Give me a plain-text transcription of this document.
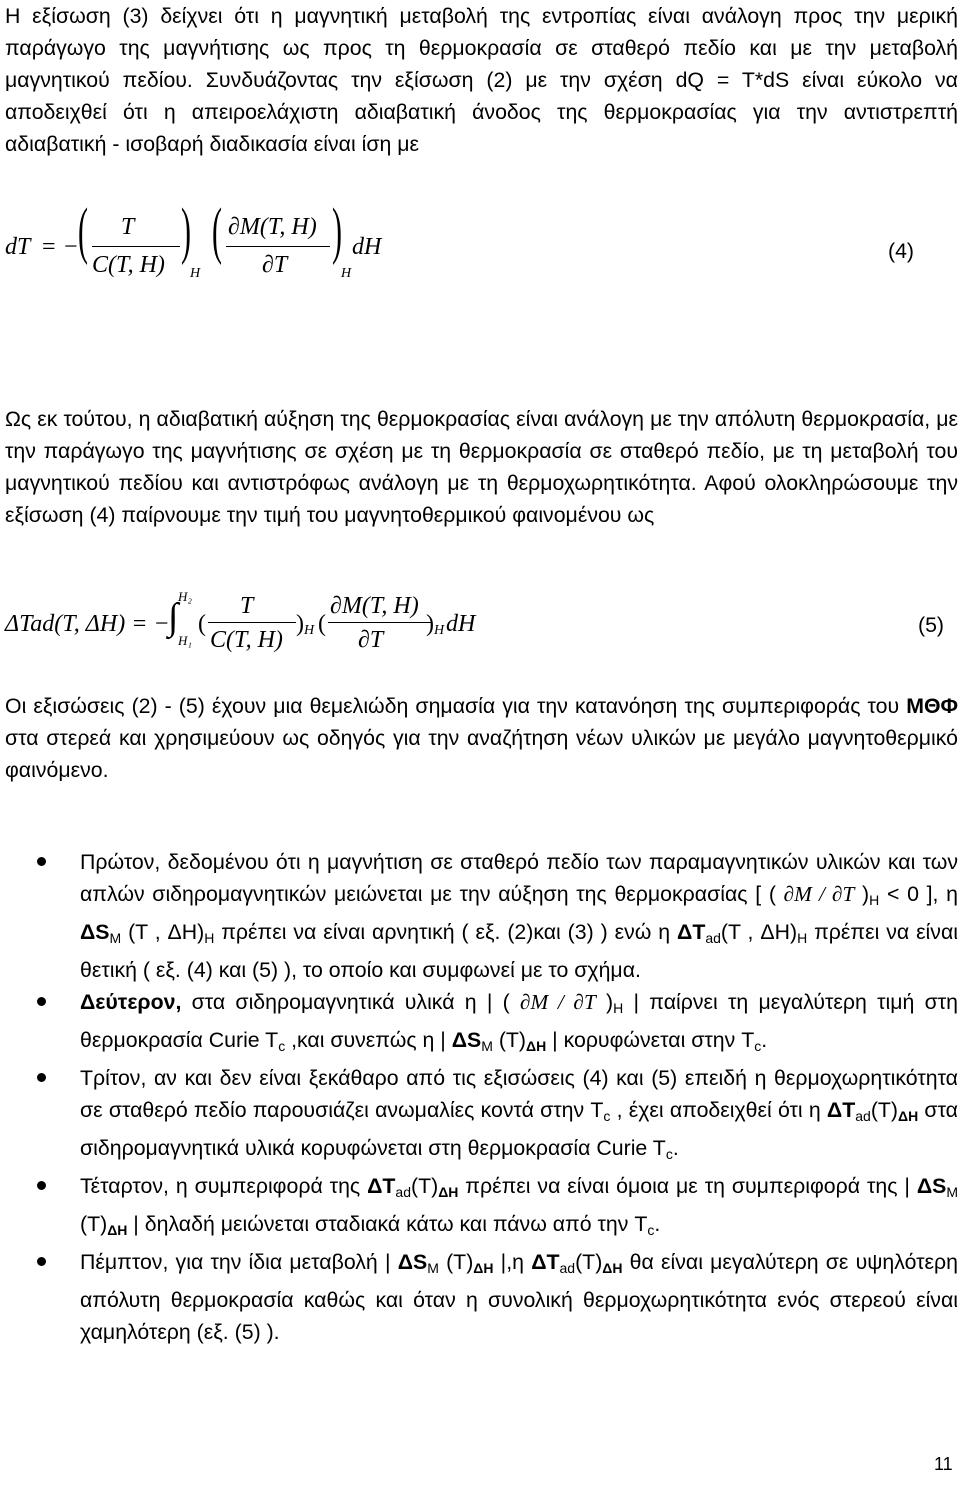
Η εξίσωση (3) δείχνει ότι η μαγνητική μεταβολή της εντροπίας είναι ανάλογη προς την μερική παράγωγο της μαγνήτισης ως προς τη θερμοκρασία σε σταθερό πεδίο και με την μεταβολή μαγνητικού πεδίου. Συνδυάζοντας την εξίσωση (2) με την σχέση dQ = T*dS είναι εύκολο να αποδειχθεί ότι η απειροελάχιστη αδιαβατική άνοδος της θερμοκρασίας για την αντιστρεπτή αδιαβατική - ισοβαρή διαδικασία είναι ίση με

dT = − ( T
C(T, H) )
H
( ∂M(T, H)
∂T )
H
dH	(4)

Ως εκ τούτου, η αδιαβατική αύξηση της θερμοκρασίας είναι ανάλογη με την απόλυτη θερμοκρασία, με την παράγωγο της μαγνήτισης σε σχέση με τη θερμοκρασία σε σταθερό πεδίο, με τη μεταβολή του μαγνητικού πεδίου και αντιστρόφως ανάλογη με τη θερμοχωρητικότητα. Αφού ολοκληρώσουμε την εξίσωση (4) παίρνουμε την τιμή του μαγνητοθερμικού φαινομένου ως

ΔTad(T, ΔH) = −
H₂
∫
H₁
(
T
C(T, H)
) H (
∂M(T, H)
∂T
) H dH	(5)

Οι εξισώσεις (2) - (5) έχουν μια θεμελιώδη σημασία για την κατανόηση της συμπεριφοράς του ΜΘΦ στα στερεά και χρησιμεύουν ως οδηγός για την αναζήτηση νέων υλικών με μεγάλο μαγνητοθερμικό φαινόμενο.

Πρώτον, δεδομένου ότι η μαγνήτιση σε σταθερό πεδίο των παραμαγνητικών υλικών και των απλών σιδηρομαγνητικών μειώνεται με την αύξηση της θερμοκρασίας [ ( ∂M / ∂T )$_H < 0$ ], η $\Delta S_M$ (T , $\Delta H)_H$ πρέπει να είναι αρνητική ( εξ. (2)και (3) ) ενώ η $\Delta T_{ad}(T$ , $\Delta H)_H$ πρέπει να είναι θετική ( εξ. (4) και (5) ), το οποίο και συμφωνεί με το σχήμα.
Δεύτερον, στα σιδηρομαγνητικά υλικά η | ( ∂M / ∂T )$_H$ | παίρνει τη μεγαλύτερη τιμή στη θερμοκρασία Curie $T_c$ ,και συνεπώς η | $\Delta S_M$ $(T)_{\Delta H}$ | κορυφώνεται στην $T_c$.
Τρίτον, αν και δεν είναι ξεκάθαρο από τις εξισώσεις (4) και (5) επειδή η θερμοχωρητικότητα σε σταθερό πεδίο παρουσιάζει ανωμαλίες κοντά στην $T_c$ , έχει αποδειχθεί ότι η $\Delta T_{ad}(T)_{\Delta H}$ στα σιδηρομαγνητικά υλικά κορυφώνεται στη θερμοκρασία Curie $T_c$.
Τέταρτον, η συμπεριφορά της $\Delta T_{ad}(T)_{\Delta H}$ πρέπει να είναι όμοια με τη συμπεριφορά της | $\Delta S_M$ $(T)_{\Delta H}$ | δηλαδή μειώνεται σταδιακά κάτω και πάνω από την $T_c$.
Πέμπτον, για την ίδια μεταβολή | $\Delta S_M$ $(T)_{\Delta H}$ |,η $\Delta T_{ad}(T)_{\Delta H}$ θα είναι μεγαλύτερη σε υψηλότερη απόλυτη θερμοκρασία καθώς και όταν η συνολική θερμοχωρητικότητα ενός στερεού είναι χαμηλότερη (εξ. (5) ).
11
